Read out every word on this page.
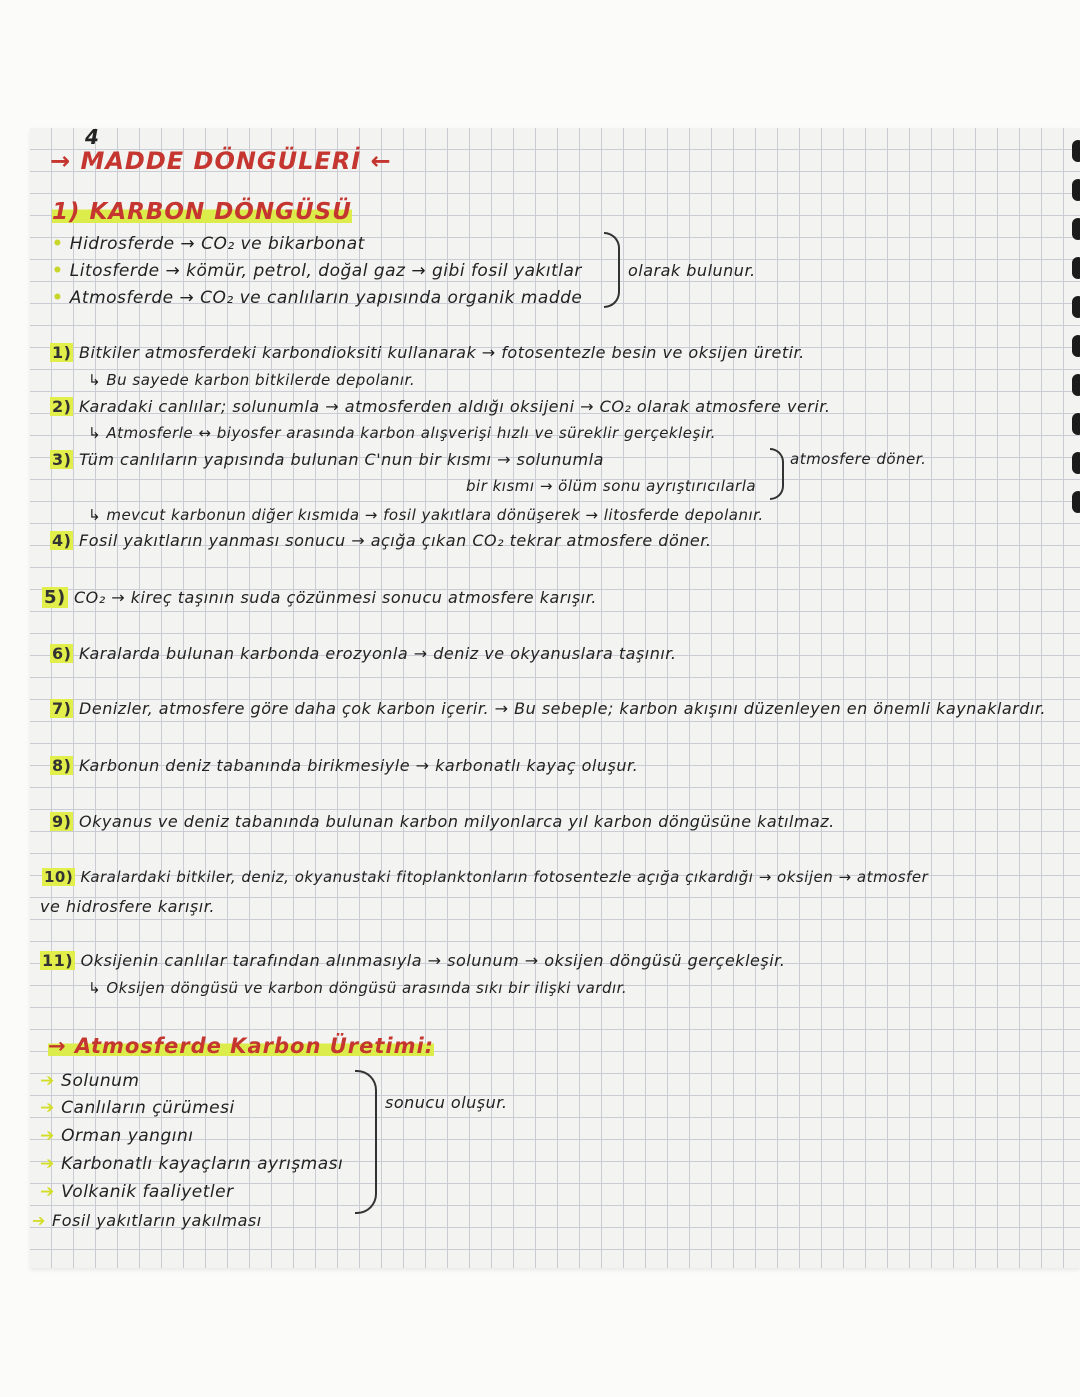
4
→ MADDE DÖNGÜLERİ ←
1) KARBON DÖNGÜSÜ
• Hidrosferde → CO₂ ve bikarbonat
• Litosferde → kömür, petrol, doğal gaz → gibi fosil yakıtlar
• Atmosferde → CO₂ ve canlıların yapısında organik madde
olarak bulunur.
1) Bitkiler atmosferdeki karbondioksiti kullanarak → fotosentezle besin ve oksijen üretir.
↳ Bu sayede karbon bitkilerde depolanır.
2) Karadaki canlılar; solunumla → atmosferden aldığı oksijeni → CO₂ olarak atmosfere verir.
↳ Atmosferle ↔ biyosfer arasında karbon alışverişi hızlı ve süreklir gerçekleşir.
3) Tüm canlıların yapısında bulunan C'nun bir kısmı → solunumla
bir kısmı → ölüm sonu ayrıştırıcılarla
atmosfere döner.
↳ mevcut karbonun diğer kısmıda → fosil yakıtlara dönüşerek → litosferde depolanır.
4) Fosil yakıtların yanması sonucu → açığa çıkan CO₂ tekrar atmosfere döner.
5) CO₂ → kireç taşının suda çözünmesi sonucu atmosfere karışır.
6) Karalarda bulunan karbonda erozyonla → deniz ve okyanuslara taşınır.
7) Denizler, atmosfere göre daha çok karbon içerir. → Bu sebeple; karbon akışını düzenleyen en önemli kaynaklardır.
8) Karbonun deniz tabanında birikmesiyle → karbonatlı kayaç oluşur.
9) Okyanus ve deniz tabanında bulunan karbon milyonlarca yıl karbon döngüsüne katılmaz.
10) Karalardaki bitkiler, deniz, okyanustaki fitoplanktonların fotosentezle açığa çıkardığı → oksijen → atmosfer
ve hidrosfere karışır.
11) Oksijenin canlılar tarafından alınmasıyla → solunum → oksijen döngüsü gerçekleşir.
↳ Oksijen döngüsü ve karbon döngüsü arasında sıkı bir ilişki vardır.
→ Atmosferde Karbon Üretimi:
➔ Solunum
➔ Canlıların çürümesi
➔ Orman yangını
➔ Karbonatlı kayaçların ayrışması
➔ Volkanik faaliyetler
➔ Fosil yakıtların yakılması
sonucu oluşur.
